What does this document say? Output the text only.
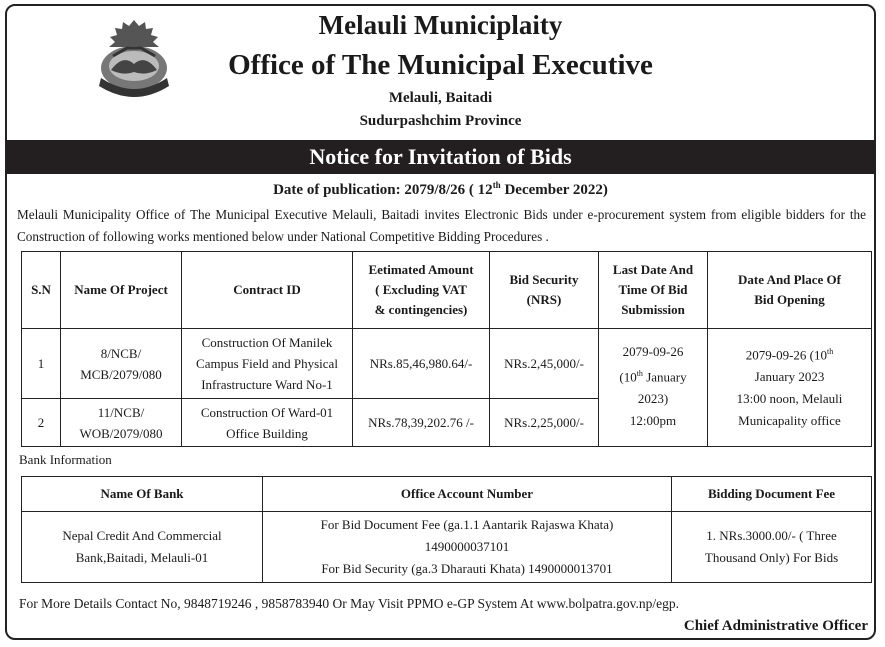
Melauli Municiplaity
Office of The Municipal Executive
Melauli, Baitadi
Sudurpashchim Province
Notice for Invitation of Bids
Date of publication: 2079/8/26 ( 12th December 2022)
Melauli Municipality Office of The Municipal Executive Melauli, Baitadi invites Electronic Bids under e-procurement system from eligible bidders for the Construction of following works mentioned below under National Competitive Bidding Procedures .
S.N	Name Of Project	Contract ID	Eetimated Amount
( Excluding VAT
& contingencies)	Bid Security
(NRS)	Last Date And
Time Of Bid
Submission	Date And Place Of
Bid Opening
1	8/NCB/
MCB/2079/080	Construction Of Manilek
Campus Field and Physical
Infrastructure Ward No-1	NRs.85,46,980.64/-	NRs.2,45,000/-	2079-09-26
(10th January
2023)
12:00pm	2079-09-26 (10th
January 2023
13:00 noon, Melauli
Municapality office
2	11/NCB/
WOB/2079/080	Construction Of Ward-01
Office Building	NRs.78,39,202.76 /-	NRs.2,25,000/-		
Bank Information
Name Of Bank	Office Account Number	Bidding Document Fee
Nepal Credit And Commercial
Bank,Baitadi, Melauli-01	For Bid Document Fee (ga.1.1 Aantarik Rajaswa Khata)
1490000037101
For Bid Security (ga.3 Dharauti Khata) 1490000013701	1. NRs.3000.00/- ( Three
Thousand Only) For Bids
For More Details Contact No, 9848719246 , 9858783940 Or May Visit PPMO e-GP System At www.bolpatra.gov.np/egp.
Chief Administrative Officer
